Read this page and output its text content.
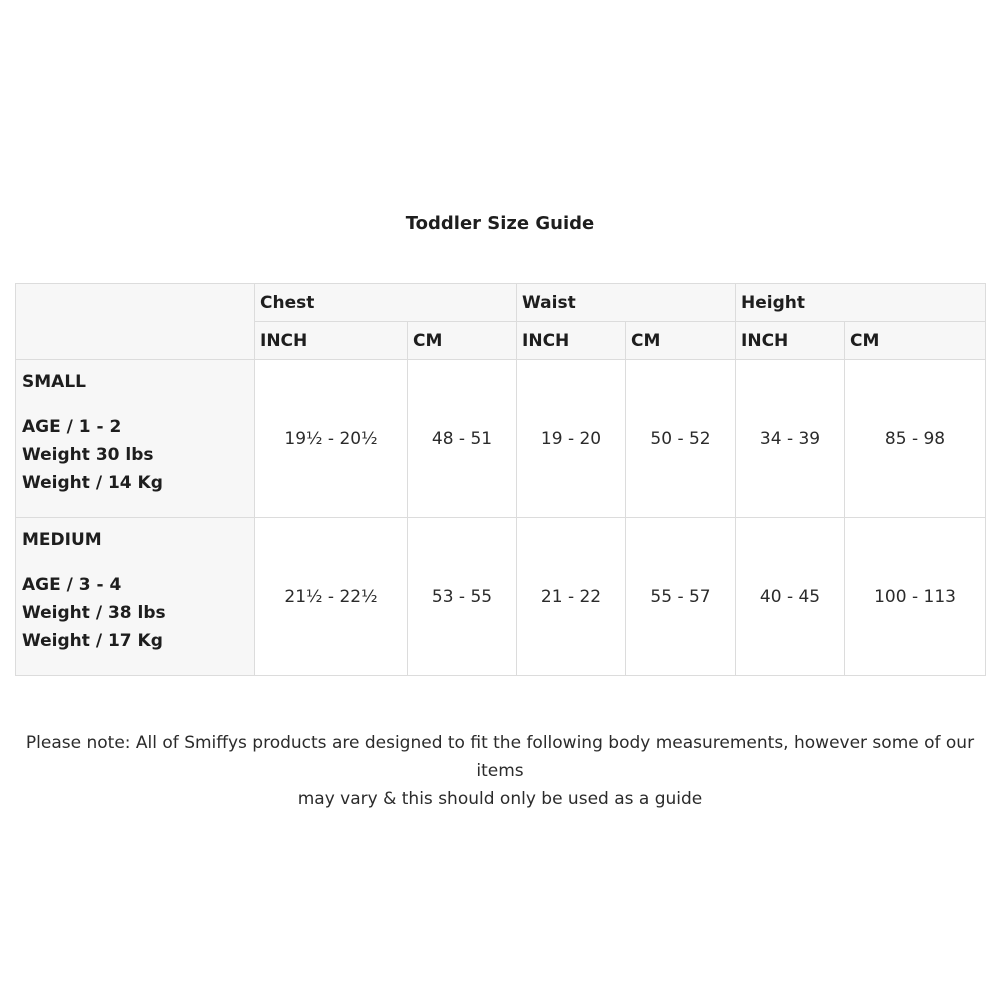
Toddler Size Guide
	Chest		Waist		Height	
	INCH	CM	INCH	CM	INCH	CM

SMALL
AGE / 1 - 2
Weight 30 lbs
Weight / 14 Kg	19½ - 20½	48 - 51	19 - 20	50 - 52	34 - 39	85 - 98

MEDIUM
AGE / 3 - 4
Weight / 38 lbs
Weight / 17 Kg	21½ - 22½	53 - 55	21 - 22	55 - 57	40 - 45	100 - 113
Please note: All of Smiffys products are designed to fit the following body measurements, however some of our items
may vary & this should only be used as a guide
